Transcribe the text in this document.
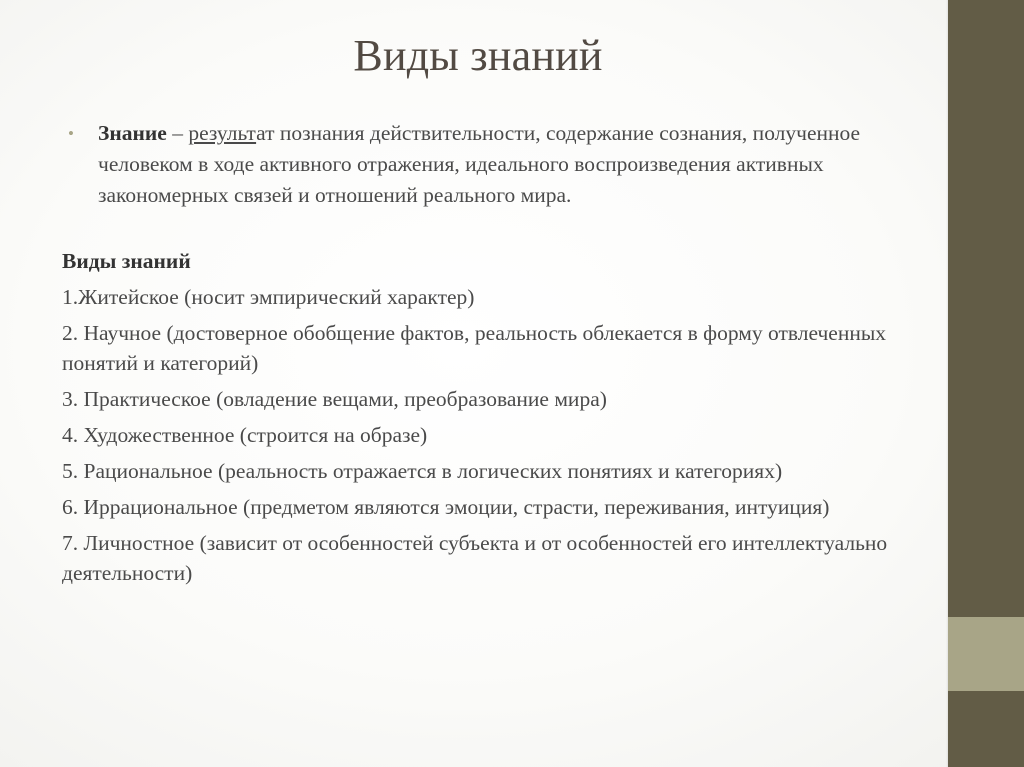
Виды знаний
• Знание – результат познания действительности, содержание сознания, полученное человеком в ходе активного отражения, идеального воспроизведения активных закономерных связей и отношений реального мира.
Виды знаний
1.Житейское (носит эмпирический характер)
2. Научное (достоверное обобщение фактов, реальность облекается в форму отвлеченных понятий и категорий)
3. Практическое (овладение вещами, преобразование мира)
4. Художественное (строится на образе)
5. Рациональное (реальность отражается в логических понятиях и категориях)
6. Иррациональное (предметом являются эмоции, страсти, переживания, интуиция)
7. Личностное (зависит от особенностей субъекта и от особенностей его интеллектуально     деятельности)
